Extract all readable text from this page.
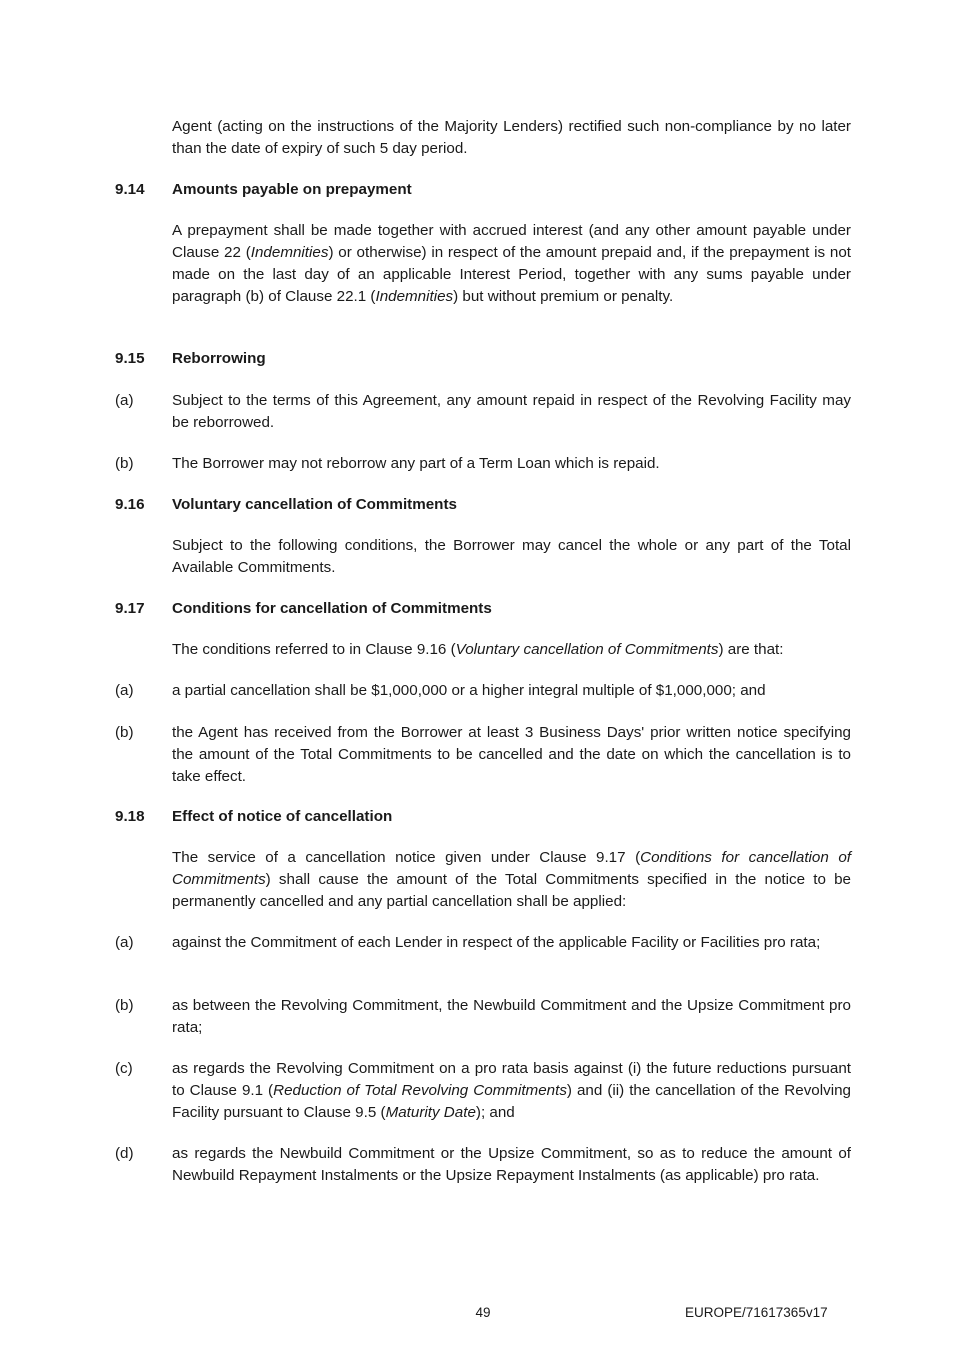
Agent (acting on the instructions of the Majority Lenders) rectified such non-compliance by no later than the date of expiry of such 5 day period.

9.14	Amounts payable on prepayment

A prepayment shall be made together with accrued interest (and any other amount payable under Clause 22 (Indemnities) or otherwise) in respect of the amount prepaid and, if the prepayment is not made on the last day of an applicable Interest Period, together with any sums payable under paragraph (b) of Clause 22.1 (Indemnities) but without premium or penalty.

9.15	Reborrowing
(a)	Subject to the terms of this Agreement, any amount repaid in respect of the Revolving Facility may be reborrowed.
(b)	The Borrower may not reborrow any part of a Term Loan which is repaid.
9.16	Voluntary cancellation of Commitments

Subject to the following conditions, the Borrower may cancel the whole or any part of the Total Available Commitments.

9.17	Conditions for cancellation of Commitments

The conditions referred to in Clause 9.16 (Voluntary cancellation of Commitments) are that:

(a)	a partial cancellation shall be $1,000,000 or a higher integral multiple of $1,000,000; and
(b)	the Agent has received from the Borrower at least 3 Business Days' prior written notice specifying the amount of the Total Commitments to be cancelled and the date on which the cancellation is to take effect.
9.18	Effect of notice of cancellation

The service of a cancellation notice given under Clause 9.17 (Conditions for cancellation of Commitments) shall cause the amount of the Total Commitments specified in the notice to be permanently cancelled and any partial cancellation shall be applied:

(a)	against the Commitment of each Lender in respect of the applicable Facility or Facilities pro rata;
(b)	as between the Revolving Commitment, the Newbuild Commitment and the Upsize Commitment pro rata;
(c)	as regards the Revolving Commitment on a pro rata basis against (i) the future reductions pursuant to Clause 9.1 (Reduction of Total Revolving Commitments) and (ii) the cancellation of the Revolving Facility pursuant to Clause 9.5 (Maturity Date); and
(d)	as regards the Newbuild Commitment or the Upsize Commitment, so as to reduce the amount of Newbuild Repayment Instalments or the Upsize Repayment Instalments (as applicable) pro rata.
49	EUROPE/71617365v17
